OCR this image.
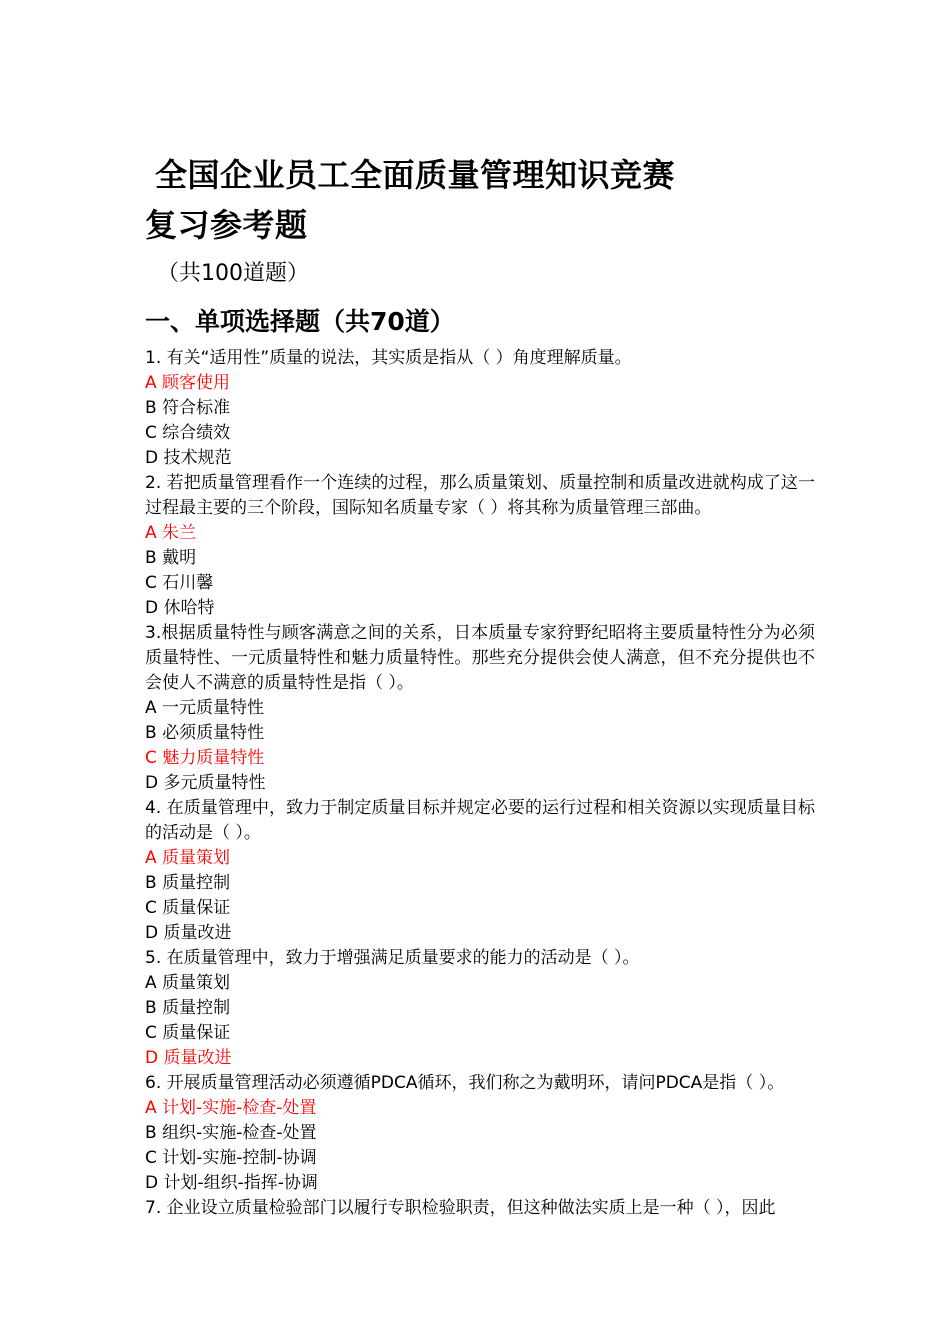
全国企业员工全面质量管理知识竞赛

复习参考题

（共100道题）

一、单项选择题（共70道）

1. 有关“适用性”质量的说法，其实质是指从（ ）角度理解质量。

A 顾客使用

B 符合标准

C 综合绩效

D 技术规范

2. 若把质量管理看作一个连续的过程，那么质量策划、质量控制和质量改进就构成了这一过程最主要的三个阶段，国际知名质量专家（ ）将其称为质量管理三部曲。

A 朱兰

B 戴明

C 石川馨

D 休哈特

3.根据质量特性与顾客满意之间的关系，日本质量专家狩野纪昭将主要质量特性分为必须质量特性、一元质量特性和魅力质量特性。那些充分提供会使人满意，但不充分提供也不会使人不满意的质量特性是指（ ）。

A 一元质量特性

B 必须质量特性

C 魅力质量特性

D 多元质量特性

4. 在质量管理中，致力于制定质量目标并规定必要的运行过程和相关资源以实现质量目标的活动是（ ）。

A 质量策划

B 质量控制

C 质量保证

D 质量改进

5. 在质量管理中，致力于增强满足质量要求的能力的活动是（ ）。

A 质量策划

B 质量控制

C 质量保证

D 质量改进

6. 开展质量管理活动必须遵循PDCA循环，我们称之为戴明环，请问PDCA是指（ ）。

A 计划-实施-检查-处置

B 组织-实施-检查-处置

C 计划-实施-控制-协调

D 计划-组织-指挥-协调

7. 企业设立质量检验部门以履行专职检验职责，但这种做法实质上是一种（ ），因此
